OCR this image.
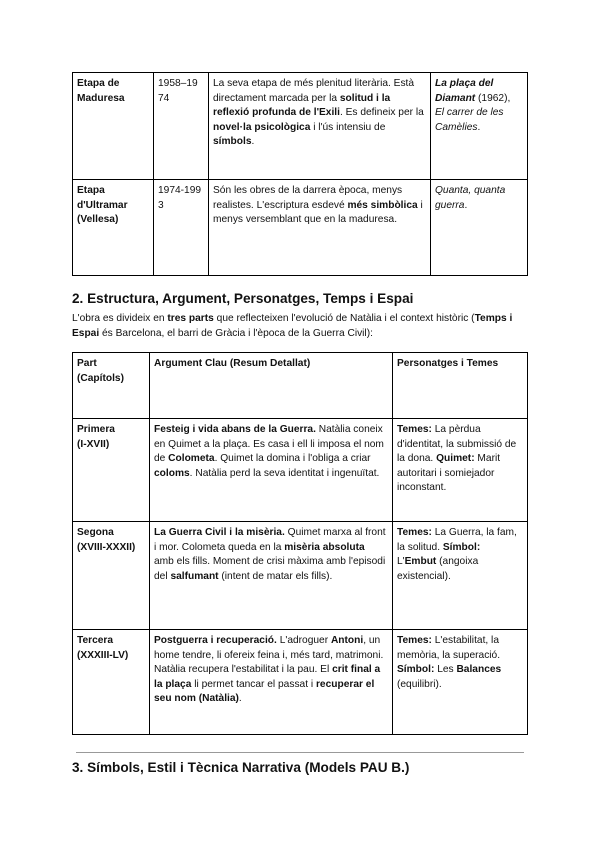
Etapa de
Maduresa	1958–1974	La seva etapa de més plenitud literària. Està directament marcada per la solitud i la reflexió profunda de l'Exili. Es defineix per la novel·la psicològica i l'ús intensiu de símbols.	La plaça del Diamant (1962), El carrer de les Camèlies.
Etapa d'Ultramar
(Vellesa)	1974-1993	Són les obres de la darrera època, menys realistes. L'escriptura esdevé més simbòlica i menys versemblant que en la maduresa.	Quanta, quanta guerra.
2. Estructura, Argument, Personatges, Temps i Espai

L'obra es divideix en tres parts que reflecteixen l'evolució de Natàlia i el context històric (Temps i Espai és Barcelona, el barri de Gràcia i l'època de la Guerra Civil):

Part (Capítols)	Argument Clau (Resum Detallat)	Personatges i Temes
Primera
(I-XVII)	Festeig i vida abans de la Guerra. Natàlia coneix en Quimet a la plaça. Es casa i ell li imposa el nom de Colometa. Quimet la domina i l'obliga a criar coloms. Natàlia perd la seva identitat i ingenuïtat.	Temes: La pèrdua d'identitat, la submissió de la dona. Quimet: Marit autoritari i somiejador inconstant.
Segona
(XVIII-XXXII)	La Guerra Civil i la misèria. Quimet marxa al front i mor. Colometa queda en la misèria absoluta amb els fills. Moment de crisi màxima amb l'episodi del salfumant (intent de matar els fills).	Temes: La Guerra, la fam, la solitud. Símbol: L'Embut (angoixa existencial).
Tercera
(XXXIII-LV)	Postguerra i recuperació. L'adroguer Antoni, un home tendre, li ofereix feina i, més tard, matrimoni. Natàlia recupera l'estabilitat i la pau. El crit final a la plaça li permet tancar el passat i recuperar el seu nom (Natàlia).	Temes: L'estabilitat, la memòria, la superació. Símbol: Les Balances (equilibri).
3. Símbols, Estil i Tècnica Narrativa (Models PAU B.)
